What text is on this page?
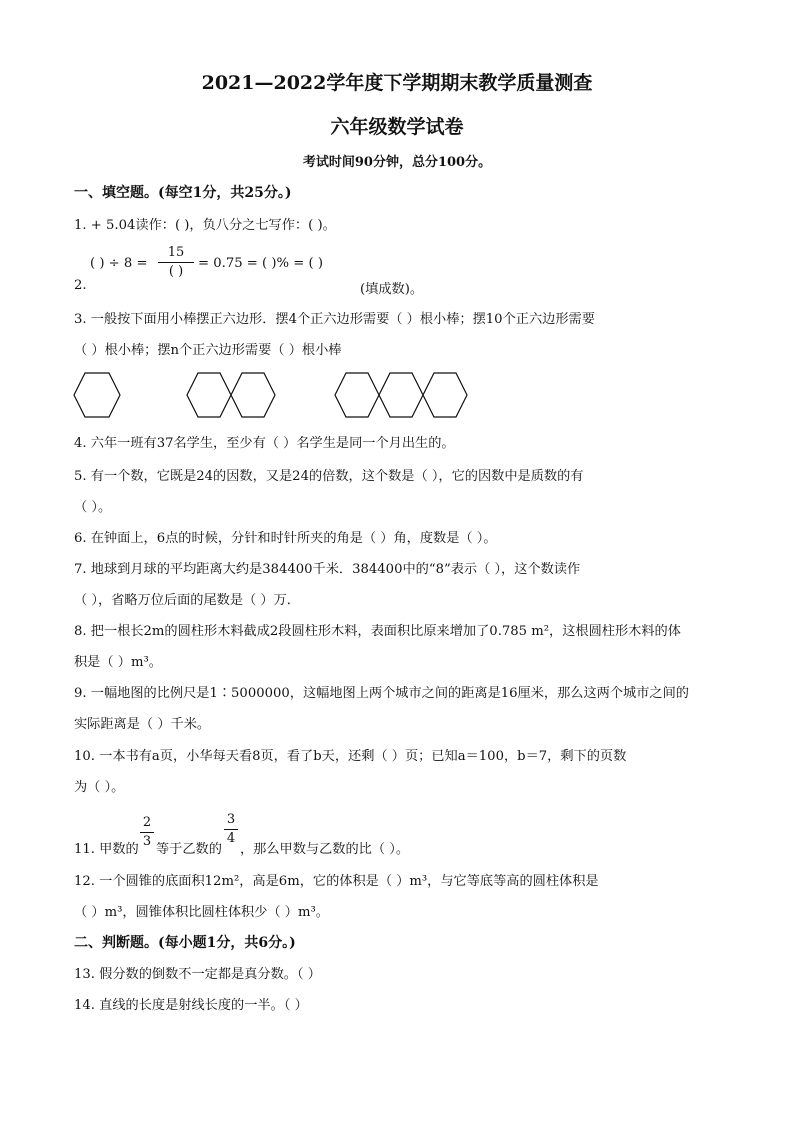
2021—2022学年度下学期期末教学质量测查
六年级数学试卷
考试时间90分钟，总分100分。
一、填空题。(每空1分，共25分。)
1. + 5.04读作：( )，负八分之七写作：( )。
( ) ÷ 8 =
15
( )
= 0.75 = ( )% = ( )
2.	(填成数)。
3. 一般按下面用小棒摆正六边形．摆4个正六边形需要（ ）根小棒；摆10个正六边形需要
（ ）根小棒；摆n个正六边形需要（ ）根小棒
4. 六年一班有37名学生，至少有（ ）名学生是同一个月出生的。
5. 有一个数，它既是24的因数，又是24的倍数，这个数是（ ），它的因数中是质数的有
（ ）。
6. 在钟面上，6点的时候，分针和时针所夹的角是（ ）角，度数是（ ）。
7. 地球到月球的平均距离大约是384400千米．384400中的“8”表示（ ），这个数读作
（ ），省略万位后面的尾数是（ ）万．
8. 把一根长2m的圆柱形木料截成2段圆柱形木料，表面积比原来增加了0.785 m²，这根圆柱形木料的体
积是（ ）m³。
9. 一幅地图的比例尺是1∶5000000，这幅地图上两个城市之间的距离是16厘米，那么这两个城市之间的
实际距离是（ ）千米。
10. 一本书有a页，小华每天看8页，看了b天，还剩（ ）页；已知a＝100，b＝7，剩下的页数
为（ ）。
11. 甲数的
2
3
等于乙数的
3
4
，那么甲数与乙数的比（ ）。
12. 一个圆锥的底面积12m²，高是6m，它的体积是（ ）m³，与它等底等高的圆柱体积是
（ ）m³，圆锥体积比圆柱体积少（ ）m³。
二、判断题。(每小题1分，共6分。)
13. 假分数的倒数不一定都是真分数。（ ）
14. 直线的长度是射线长度的一半。（ ）
